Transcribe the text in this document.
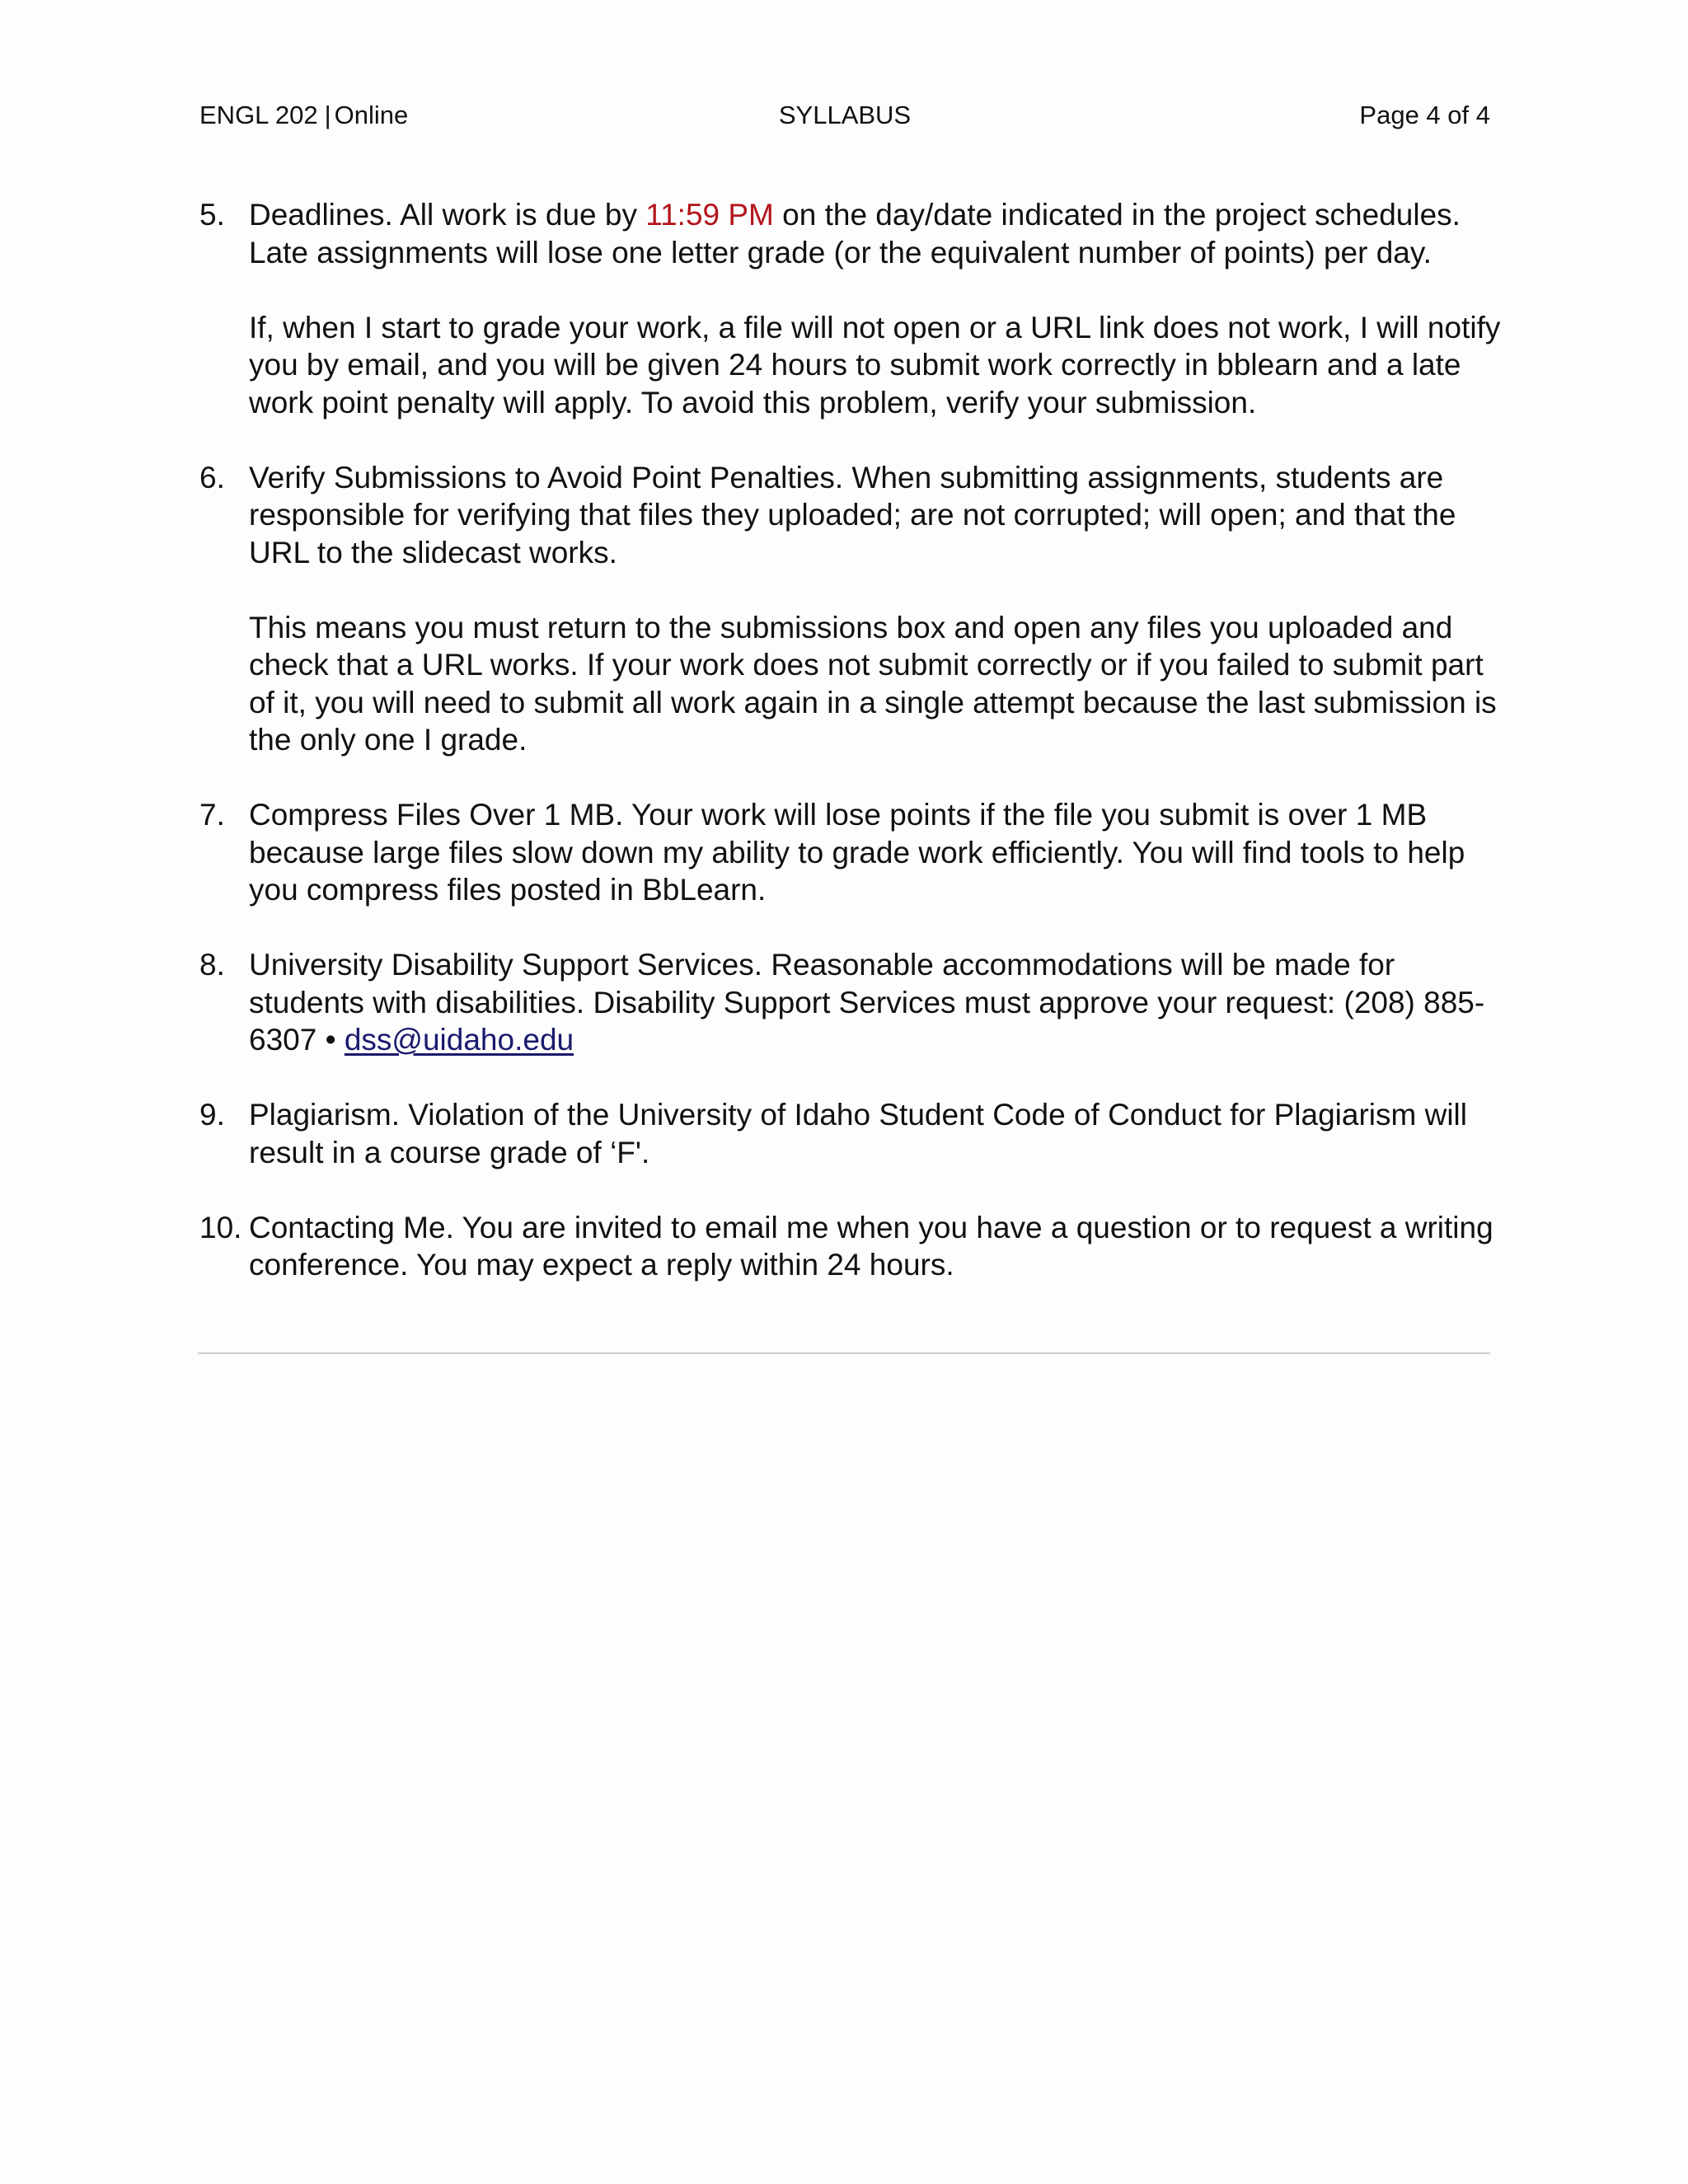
ENGL 202 | Online	SYLLABUS	Page 4 of 4
5. Deadlines. All work is due by 11:59 PM on the day/date indicated in the project schedules. Late assignments will lose one letter grade (or the equivalent number of points) per day.

If, when I start to grade your work, a file will not open or a URL link does not work, I will notify you by email, and you will be given 24 hours to submit work correctly in bblearn and a late work point penalty will apply. To avoid this problem, verify your submission.

6. Verify Submissions to Avoid Point Penalties. When submitting assignments, students are responsible for verifying that files they uploaded; are not corrupted; will open; and that the URL to the slidecast works.

This means you must return to the submissions box and open any files you uploaded and check that a URL works. If your work does not submit correctly or if you failed to submit part of it, you will need to submit all work again in a single attempt because the last submission is the only one I grade.

7. Compress Files Over 1 MB. Your work will lose points if the file you submit is over 1 MB because large files slow down my ability to grade work efficiently. You will find tools to help you compress files posted in BbLearn.

8. University Disability Support Services. Reasonable accommodations will be made for students with disabilities. Disability Support Services must approve your request: (208) 885-6307 • dss@uidaho.edu

9. Plagiarism. Violation of the University of Idaho Student Code of Conduct for Plagiarism will result in a course grade of ‘F'.

10. Contacting Me. You are invited to email me when you have a question or to request a writing conference. You may expect a reply within 24 hours.
